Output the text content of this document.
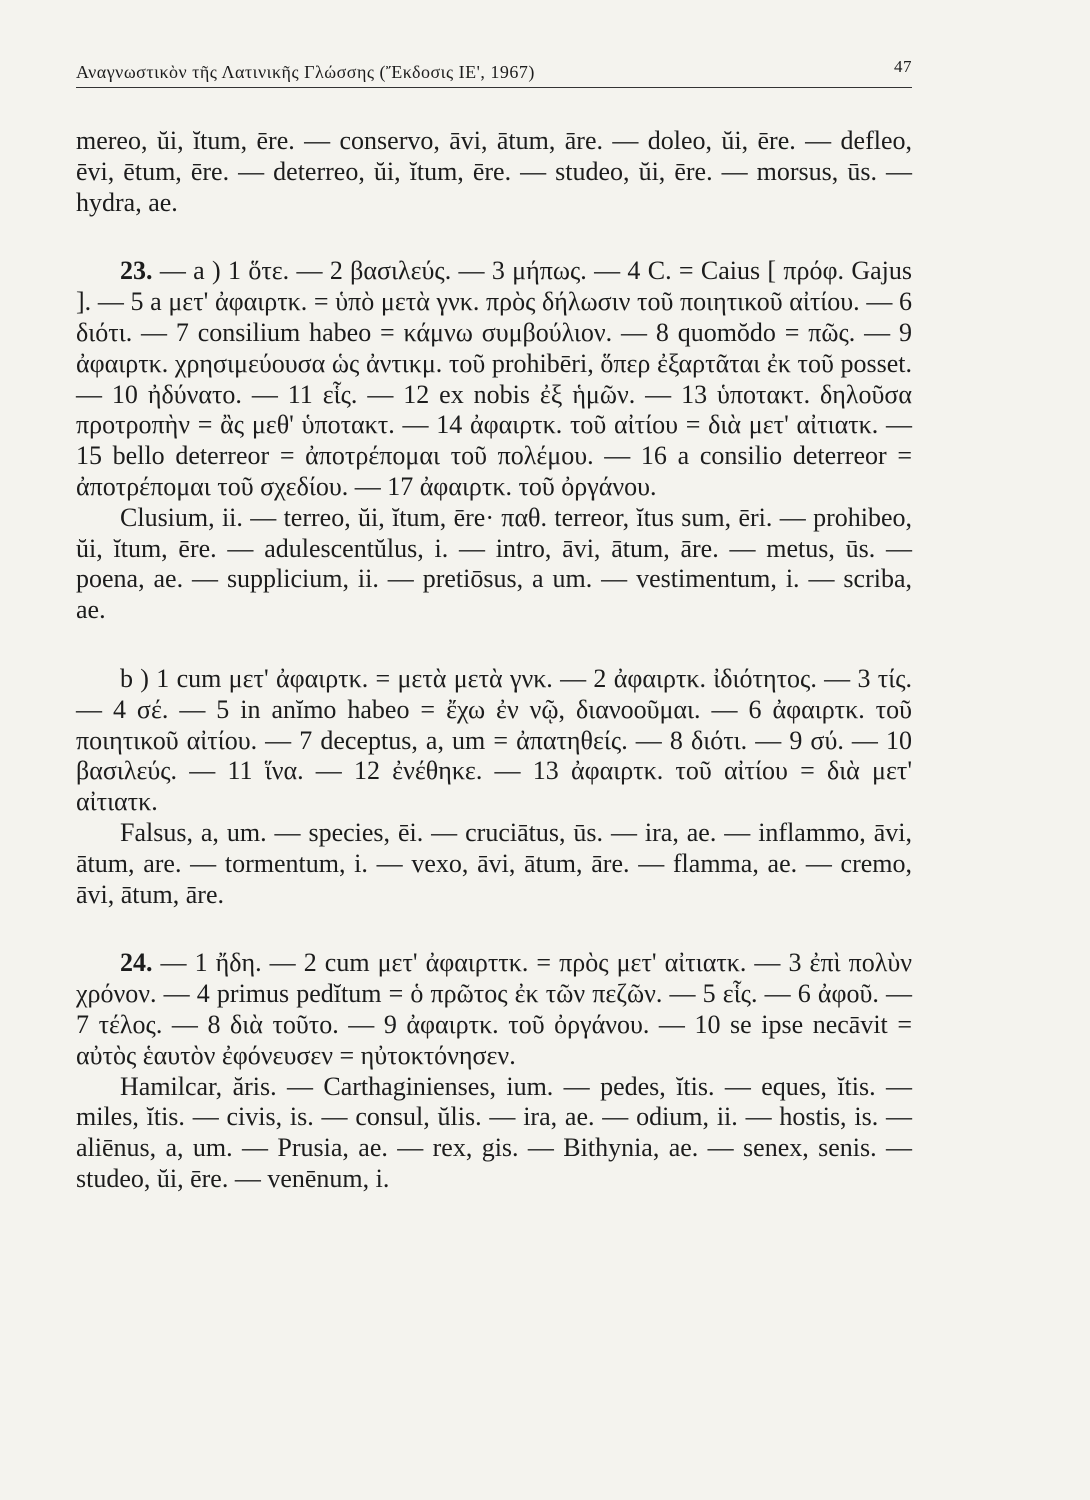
Αναγνωστικὸν τῆς Λατινικῆς Γλώσσης (Ἔκδοσις ΙΕ', 1967)	47

mereo, ŭi, ĭtum, ēre. — conservo, āvi, ātum, āre. — doleo, ŭi, ēre. — defleo, ēvi, ētum, ēre. — deterreo, ŭi, ĭtum, ēre. — studeo, ŭi, ēre. — morsus, ūs. — hydra, ae.

23. — a ) 1 ὅτε. — 2 βασιλεύς. — 3 μήπως. — 4 C. = Caius [ πρόφ. Gajus ]. — 5 a μετ' ἀφαιρτκ. = ὑπὸ μετὰ γνκ. πρὸς δήλωσιν τοῦ ποιητικοῦ αἰτίου. — 6 διότι. — 7 consilium habeo = κάμνω συμβούλιον. — 8 quomŏdo = πῶς. — 9 ἀφαιρτκ. χρησιμεύουσα ὡς ἀντικμ. τοῦ prohibēri, ὅπερ ἐξαρτᾶται ἐκ τοῦ posset. — 10 ἠδύνατο. — 11 εἷς. — 12 ex nobis ἐξ ἡμῶν. — 13 ὑποτακτ. δηλοῦσα προτροπὴν = ἂς μεθ' ὑποτακτ. — 14 ἀφαιρτκ. τοῦ αἰτίου = διὰ μετ' αἰτιατκ. — 15 bello deterreor = ἀποτρέπομαι τοῦ πολέμου. — 16 a consilio deterreor = ἀποτρέπομαι τοῦ σχεδίου. — 17 ἀφαιρτκ. τοῦ ὀργάνου.

Clusium, ii. — terreo, ŭi, ĭtum, ēre· παθ. terreor, ĭtus sum, ēri. — prohibeo, ŭi, ĭtum, ēre. — adulescentŭlus, i. — intro, āvi, ātum, āre. — metus, ūs. — poena, ae. — supplicium, ii. — pretiōsus, a um. — vestimentum, i. — scriba, ae.

b ) 1 cum μετ' ἀφαιρτκ. = μετὰ μετὰ γνκ. — 2 ἀφαιρτκ. ἰδιότητος. — 3 τίς. — 4 σέ. — 5 in anĭmo habeo = ἔχω ἐν νῷ, διανοοῦμαι. — 6 ἀφαιρτκ. τοῦ ποιητικοῦ αἰτίου. — 7 deceptus, a, um = ἀπατηθείς. — 8 διότι. — 9 σύ. — 10 βασιλεύς. — 11 ἵνα. — 12 ἐνέθηκε. — 13 ἀφαιρτκ. τοῦ αἰτίου = διὰ μετ' αἰτιατκ.

Falsus, a, um. — species, ēi. — cruciātus, ūs. — ira, ae. — inflammo, āvi, ātum, are. — tormentum, i. — vexo, āvi, ātum, āre. — flamma, ae. — cremo, āvi, ātum, āre.

24. — 1 ἤδη. — 2 cum μετ' ἀφαιρττκ. = πρὸς μετ' αἰτιατκ. — 3 ἐπὶ πολὺν χρόνον. — 4 primus pedĭtum = ὁ πρῶτος ἐκ τῶν πεζῶν. — 5 εἷς. — 6 ἀφοῦ. — 7 τέλος. — 8 διὰ τοῦτο. — 9 ἀφαιρτκ. τοῦ ὀργάνου. — 10 se ipse necāvit = αὐτὸς ἑαυτὸν ἐφόνευσεν = ηὐτοκτόνησεν.

Hamilcar, ăris. — Carthaginienses, ium. — pedes, ĭtis. — eques, ĭtis. — miles, ĭtis. — civis, is. — consul, ŭlis. — ira, ae. — odium, ii. — hostis, is. — aliēnus, a, um. — Prusia, ae. — rex, gis. — Bithynia, ae. — senex, senis. — studeo, ŭi, ēre. — venēnum, i.
